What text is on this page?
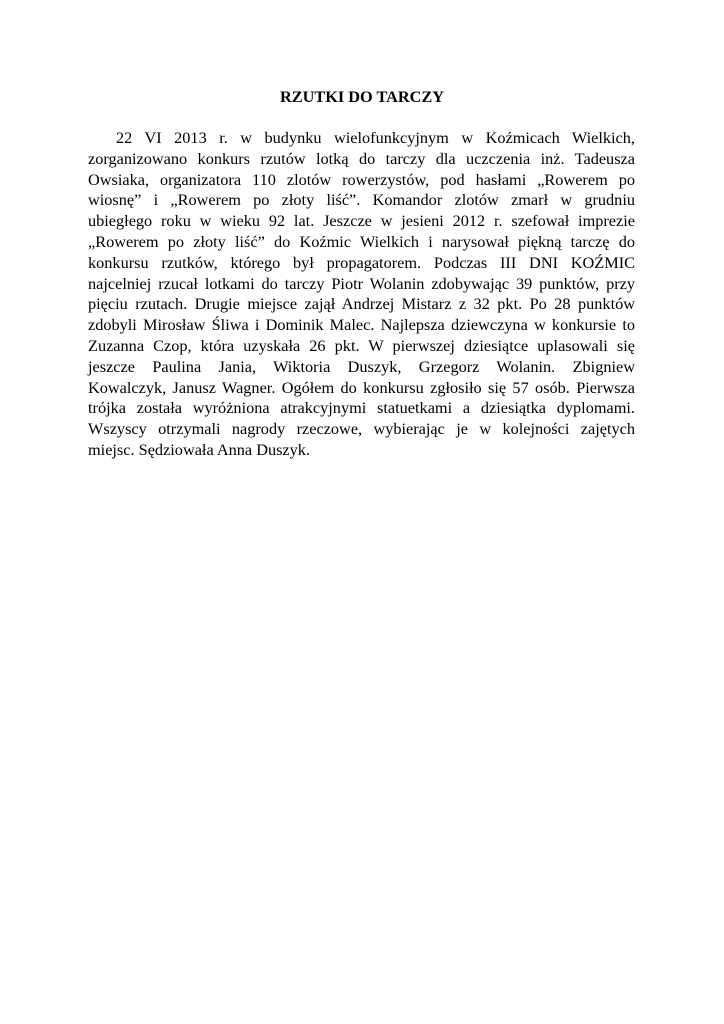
RZUTKI DO TARCZY
22 VI 2013 r. w budynku wielofunkcyjnym w Koźmicach Wielkich,
zorganizowano konkurs rzutów lotką do tarczy dla uczczenia inż. Tadeusza
Owsiaka, organizatora 110 zlotów rowerzystów, pod hasłami „Rowerem po
wiosnę” i „Rowerem po złoty liść”. Komandor zlotów zmarł w grudniu
ubiegłego roku w wieku 92 lat. Jeszcze w jesieni 2012 r. szefował imprezie
„Rowerem po złoty liść” do Koźmic Wielkich i narysował piękną tarczę do
konkursu rzutków, którego był propagatorem. Podczas III DNI KOŹMIC
najcelniej rzucał lotkami do tarczy Piotr Wolanin zdobywając 39 punktów, przy
pięciu rzutach. Drugie miejsce zajął Andrzej Mistarz z 32 pkt. Po 28 punktów
zdobyli Mirosław Śliwa i Dominik Malec. Najlepsza dziewczyna w konkursie to
Zuzanna Czop, która uzyskała 26 pkt. W pierwszej dziesiątce uplasowali się
jeszcze Paulina Jania, Wiktoria Duszyk, Grzegorz Wolanin. Zbigniew
Kowalczyk, Janusz Wagner. Ogółem do konkursu zgłosiło się 57 osób. Pierwsza
trójka została wyróżniona atrakcyjnymi statuetkami a dziesiątka dyplomami.
Wszyscy otrzymali nagrody rzeczowe, wybierając je w kolejności zajętych
miejsc. Sędziowała Anna Duszyk.
